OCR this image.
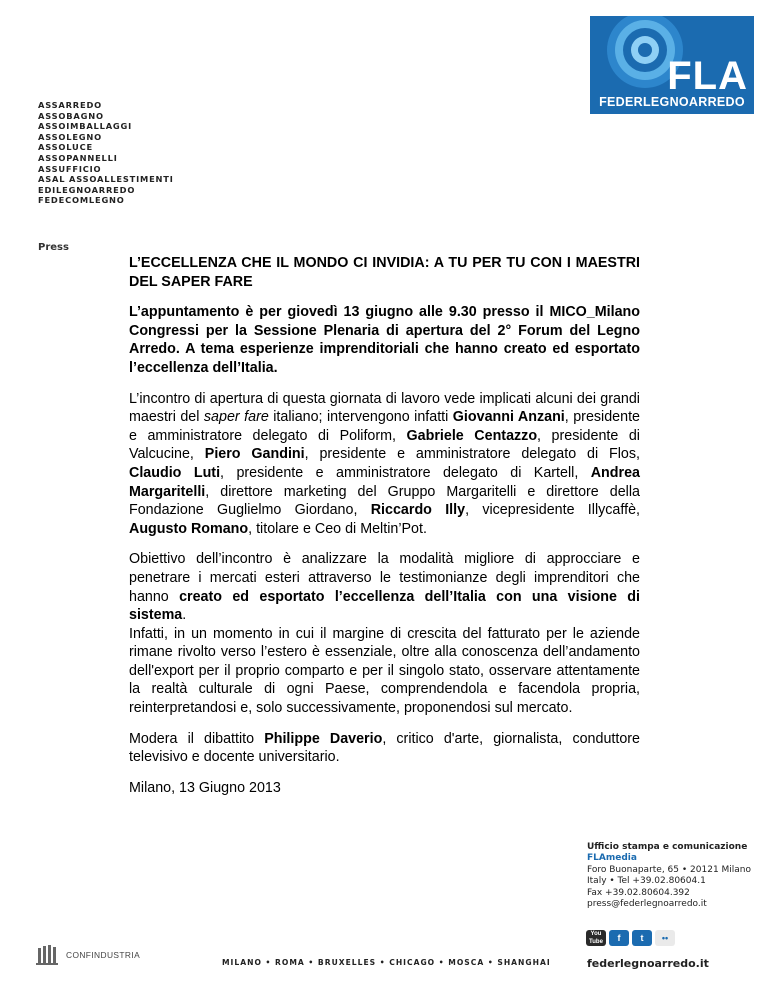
FLA
FEDERLEGNOARREDO
ASSARREDO
ASSOBAGNO
ASSOIMBALLAGGI
ASSOLEGNO
ASSOLUCE
ASSOPANNELLI
ASSUFFICIO
ASAL ASSOALLESTIMENTI
EDILEGNOARREDO
FEDECOMLEGNO
Press

L’ECCELLENZA CHE IL MONDO CI INVIDIA: A TU PER TU CON I MAESTRI DEL SAPER FARE

L’appuntamento è per giovedì 13 giugno alle 9.30 presso il MICO_Milano Congressi per la Sessione Plenaria di apertura del 2° Forum del Legno Arredo. A tema esperienze imprenditoriali che hanno creato ed esportato l’eccellenza dell’Italia.

L’incontro di apertura di questa giornata di lavoro vede implicati alcuni dei grandi maestri del saper fare italiano; intervengono infatti Giovanni Anzani, presidente e amministratore delegato di Poliform, Gabriele Centazzo, presidente di Valcucine, Piero Gandini, presidente e amministratore delegato di Flos, Claudio Luti, presidente e amministratore delegato di Kartell, Andrea Margaritelli, direttore marketing del Gruppo Margaritelli e direttore della Fondazione Guglielmo Giordano, Riccardo Illy, vicepresidente Illycaffè, Augusto Romano, titolare e Ceo di Meltin’Pot.

Obiettivo dell’incontro è analizzare la modalità migliore di approcciare e penetrare i mercati esteri attraverso le testimonianze degli imprenditori che hanno creato ed esportato l’eccellenza dell’Italia con una visione di sistema.

Infatti, in un momento in cui il margine di crescita del fatturato per le aziende rimane rivolto verso l’estero è essenziale, oltre alla conoscenza dell’andamento dell'export per il proprio comparto e per il singolo stato, osservare attentamente la realtà culturale di ogni Paese, comprendendola e facendola propria, reinterpretandosi e, solo successivamente, proponendosi sul mercato.

Modera il dibattito Philippe Daverio, critico d'arte, giornalista, conduttore televisivo e docente universitario.

Milano, 13 Giugno 2013

Ufficio stampa e comunicazione
FLAmedia
Foro Buonaparte, 65 • 20121 Milano
Italy • Tel +39.02.80604.1
Fax +39.02.80604.392
press@federlegnoarredo.it
You Tube	f	t	••
federlegnoarredo.it
CONFINDUSTRIA
MILANO • ROMA • BRUXELLES • CHICAGO • MOSCA • SHANGHAI
